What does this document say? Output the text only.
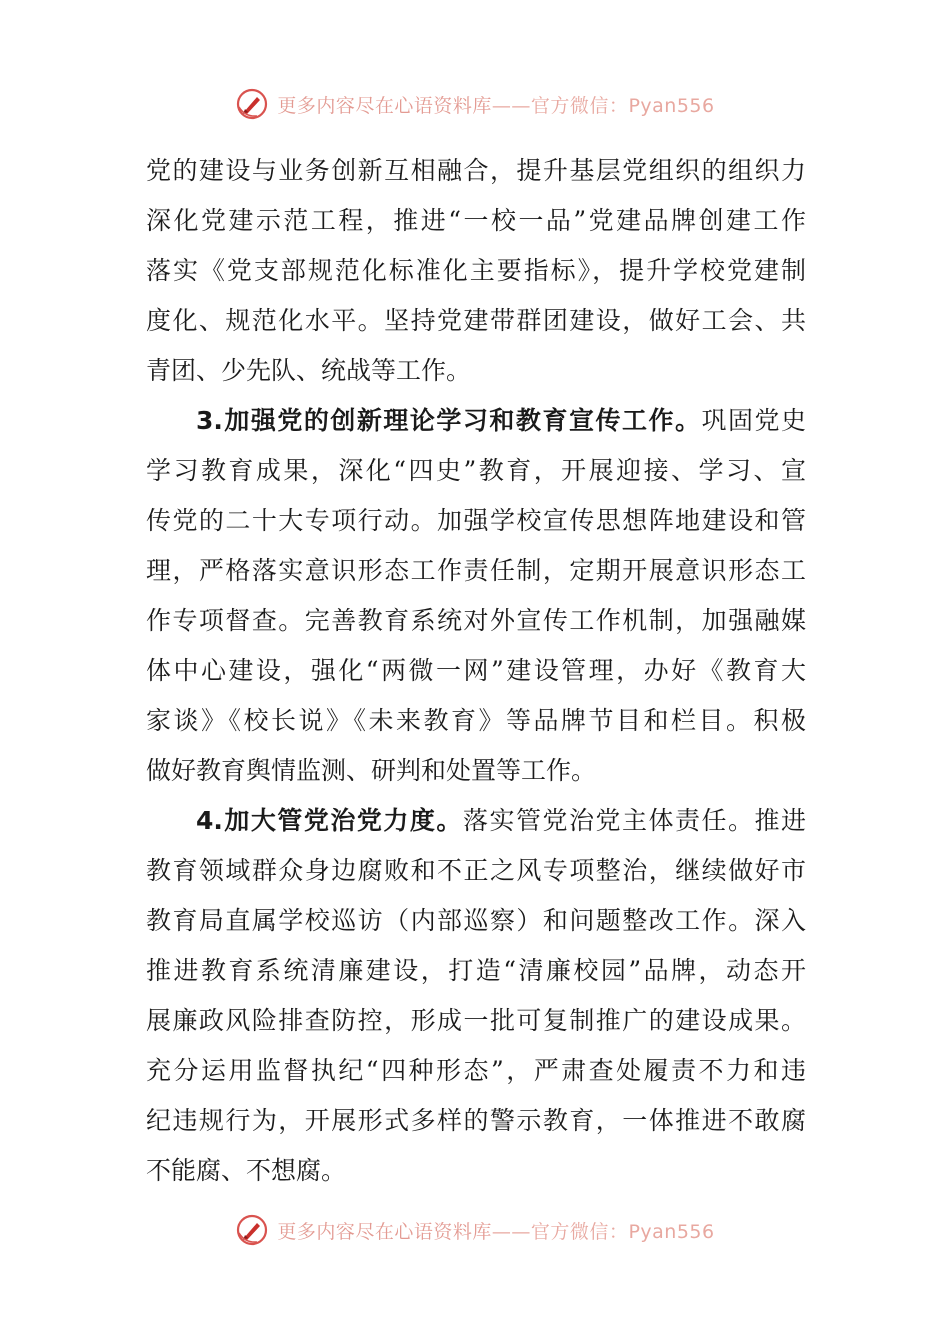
更多内容尽在心语资料库——官方微信：Pyan556
党的建设与业务创新互相融合，提升基层党组织的组织力
深化党建示范工程，推进“一校一品”党建品牌创建工作
落实《党支部规范化标准化主要指标》，提升学校党建制
度化、规范化水平。坚持党建带群团建设，做好工会、共
青团、少先队、统战等工作。
3.加强党的创新理论学习和教育宣传工作。巩固党史
学习教育成果，深化“四史”教育，开展迎接、学习、宣
传党的二十大专项行动。加强学校宣传思想阵地建设和管
理，严格落实意识形态工作责任制，定期开展意识形态工
作专项督查。完善教育系统对外宣传工作机制，加强融媒
体中心建设，强化“两微一网”建设管理，办好《教育大
家谈》《校长说》《未来教育》等品牌节目和栏目。积极
做好教育舆情监测、研判和处置等工作。
4.加大管党治党力度。落实管党治党主体责任。推进
教育领域群众身边腐败和不正之风专项整治，继续做好市
教育局直属学校巡访（内部巡察）和问题整改工作。深入
推进教育系统清廉建设，打造“清廉校园”品牌，动态开
展廉政风险排查防控，形成一批可复制推广的建设成果。
充分运用监督执纪“四种形态”，严肃查处履责不力和违
纪违规行为，开展形式多样的警示教育，一体推进不敢腐
不能腐、不想腐。
更多内容尽在心语资料库——官方微信：Pyan556
